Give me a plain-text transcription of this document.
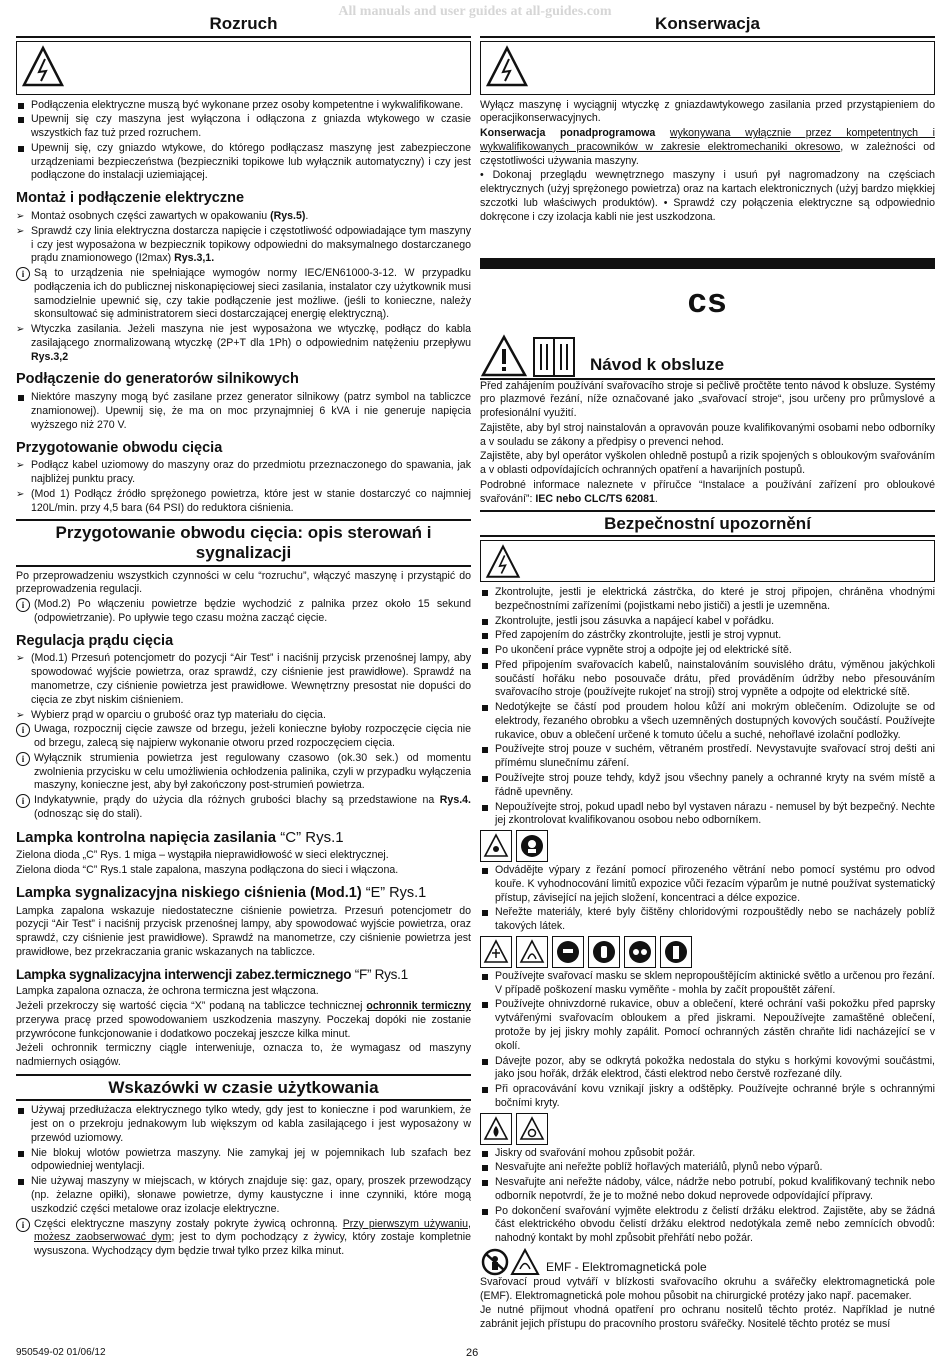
All manuals and user guides at all-guides.com
Rozruch
Podłączenia elektryczne muszą być wykonane przez osoby kompetentne i wykwalifikowane.
Upewnij się czy maszyna jest wyłączona i odłączona z gniazda wtykowego w czasie wszystkich faz tuż przed rozruchem.
Upewnij się, czy gniazdo wtykowe, do którego podłączasz maszynę jest zabezpieczone urządzeniami bezpieczeństwa (bezpieczniki topikowe lub wyłącznik automatyczny) i czy jest podłączone do instalacji uziemiającej.
Montaż i podłączenie elektryczne
➢ Montaż osobnych części zawartych w opakowaniu (Rys.5).
➢ Sprawdź czy linia elektryczna dostarcza napięcie i częstotliwość odpowiadające tym maszyny i czy jest wyposażona w bezpiecznik topikowy odpowiedni do maksymalnego dostarczanego prądu znamionowego (I2max) Rys.3,1.
i Są to urządzenia nie spełniające wymogów normy IEC/EN61000-3-12. W przypadku podłączenia ich do publicznej niskonapięciowej sieci zasilania, instalator czy użytkownik musi samodzielnie upewnić się, czy takie podłączenie jest możliwe. (jeśli to konieczne, należy skonsultować się administratorem sieci dostarczającej energię elektryczną).
➢ Wtyczka zasilania. Jeżeli maszyna nie jest wyposażona we wtyczkę, podłącz do kabla zasilającego znormalizowaną wtyczkę (2P+T dla 1Ph) o odpowiednim natężeniu przepływu Rys.3,2
Podłączenie do generatorów silnikowych
Niektóre maszyny mogą być zasilane przez generator silnikowy (patrz symbol na tabliczce znamionowej). Upewnij się, że ma on moc przynajmniej 6 kVA i nie generuje napięcia wyższego niż 270 V.
Przygotowanie obwodu cięcia
➢ Podłącz kabel uziomowy do maszyny oraz do przedmiotu przeznaczonego do spawania, jak najbliżej punktu pracy.
➢ (Mod 1) Podłącz źródło sprężonego powietrza, które jest w stanie dostarczyć co najmniej 120L/min. przy 4,5 bara (64 PSI) do reduktora ciśnienia.
Przygotowanie obwodu cięcia: opis sterowań i sygnalizacji

Po przeprowadzeniu wszystkich czynności w celu “rozruchu”, włączyć maszynę i przystąpić do przeprowadzenia regulacji.

i (Mod.2) Po włączeniu powietrze będzie wychodzić z palnika przez około 15 sekund (odpowietrzanie). Po upływie tego czasu można zacząć cięcie.
Regulacja prądu cięcia
➢ (Mod.1) Przesuń potencjometr do pozycji “Air Test” i naciśnij przycisk przenośnej lampy, aby spowodować wyjście powietrza, oraz sprawdź, czy ciśnienie jest prawidłowe). Sprawdź na manometrze, czy ciśnienie powietrza jest prawidłowe. Wewnętrzny presostat nie dopuści do cięcia ze zbyt niskim ciśnieniem.
➢ Wybierz prąd w oparciu o grubość oraz typ materiału do cięcia.
i Uwaga, rozpocznij cięcie zawsze od brzegu, jeżeli konieczne byłoby rozpoczęcie cięcia nie od brzegu, zalecą się najpierw wykonanie otworu przed rozpoczęciem cięcia.
i Wyłącznik strumienia powietrza jest regulowany czasowo (ok.30 sek.) od momentu zwolnienia przycisku w celu umożliwienia ochłodzenia palinika, czyli w przypadku wyłączenia maszyny, konieczne jest, aby był zakończony post-strumień powietrza.
i Indykatywnie, prądy do użycia dla różnych grubości blachy są przedstawione na Rys.4. (odnosząc się do stali).
Lampka kontrolna napięcia zasilania “C” Rys.1

Zielona dioda „C” Rys. 1 miga – wystąpiła nieprawidłowość w sieci elektrycznej.

Zielona dioda “C” Rys.1 stale zapalona, maszyna podłączona do sieci i włączona.

Lampka sygnalizacyjna niskiego ciśnienia (Mod.1) “E” Rys.1

Lampka zapalona wskazuje niedostateczne ciśnienie powietrza. Przesuń potencjometr do pozycji “Air Test” i naciśnij przycisk przenośnej lampy, aby spowodować wyjście powietrza, oraz sprawdź, czy ciśnienie jest prawidłowe). Sprawdź na manometrze, czy ciśnienie powietrza jest prawidłowe, bez przekraczania granic wskazanych na tabliczce.

Lampka sygnalizacyjna interwencji zabez.termicznego “F” Rys.1

Lampka zapalona oznacza, że ochrona termiczna jest włączona.

Jeżeli przekroczy się wartość cięcia “X” podaną na tabliczce technicznej ochronnik termiczny przerywa pracę przed spowodowaniem uszkodzenia maszyny. Poczekaj dopóki nie zostanie przywrócone funkcjonowanie i dodatkowo poczekaj jeszcze kilka minut.

Jeżeli ochronnik termiczny ciągle interweniuje, oznacza to, że wymagasz od maszyny nadmiernych osiągów.

Wskazówki w czasie użytkowania
Używaj przedłużacza elektrycznego tylko wtedy, gdy jest to konieczne i pod warunkiem, że jest on o przekroju jednakowym lub większym od kabla zasilającego i jest wyposażony w przewód uziomowy.
Nie blokuj wlotów powietrza maszyny. Nie zamykaj jej w pojemnikach lub szafach bez odpowiedniej wentylacji.
Nie używaj maszyny w miejscach, w których znajduje się: gaz, opary, proszek przewodzący (np. żelazne opiłki), słonawe powietrze, dymy kaustyczne i inne czynniki, które mogą uszkodzić części metalowe oraz izolacje elektryczne.
i Części elektryczne maszyny zostały pokryte żywicą ochronną. Przy pierwszym używaniu, możesz zaobserwować dym; jest to dym pochodzący z żywicy, który zostaje kompletnie wysuszona. Wychodzący dym będzie trwał tylko przez kilka minut.
Konserwacja

Wyłącz maszynę i wyciągnij wtyczkę z gniazdawtykowego zasilania przed przystąpieniem do operacjikonserwacyjnych.

Konserwacja ponadprogramowa wykonywana wyłącznie przez kompetentnych i wykwalifikowanych pracowników w zakresie elektromechaniki okresowo, w zależności od częstotliwości używania maszyny.

• Dokonaj przeglądu wewnętrznego maszyny i usuń pył nagromadzony na częściach elektrycznych (użyj sprężonego powietrza) oraz na kartach elektronicznych (użyj bardzo miękkiej szczotki lub właściwych produktów). • Sprawdź czy połączenia elektryczne są odpowiednio dokręcone i czy izolacja kabli nie jest uszkodzona.

cs
Návod k obsluze

Před zahájením používání svařovacího stroje si pečlivě pročtěte tento návod k obsluze. Systémy pro plazmové řezání, níže označované jako „svařovací stroje“, jsou určeny pro průmyslové a profesionální využití.

Zajistěte, aby byl stroj nainstalován a opravován pouze kvalifikovanými osobami nebo odborníky a v souladu se zákony a předpisy o prevenci nehod.

Zajistěte, aby byl operátor vyškolen ohledně postupů a rizik spojených s obloukovým svařováním a v oblasti odpovídajících ochranných opatření a havarijních postupů.

Podrobné informace naleznete v příručce “Instalace a používání zařízení pro obloukové svařování”: IEC nebo CLC/TS 62081.

Bezpečnostní upozornění
Zkontrolujte, jestli je elektrická zástrčka, do které je stroj připojen, chráněna vhodnými bezpečnostními zařízeními (pojistkami nebo jističi) a jestli je uzemněna.
Zkontrolujte, jestli jsou zásuvka a napájecí kabel v pořádku.
Před zapojením do zástrčky zkontrolujte, jestli je stroj vypnut.
Po ukončení práce vypněte stroj a odpojte jej od elektrické sítě.
Před připojením svařovacích kabelů, nainstalováním souvislého drátu, výměnou jakýchkoli součástí hořáku nebo posouvače drátu, před prováděním údržby nebo přesouváním svařovacího stroje (používejte rukojeť na stroji) stroj vypněte a odpojte od elektrické sítě.
Nedotýkejte se částí pod proudem holou kůží ani mokrým oblečením. Odizolujte se od elektrody, řezaného obrobku a všech uzemněných dostupných kovových součástí. Používejte rukavice, obuv a oblečení určené k tomuto účelu a suché, nehořlavé izolační podložky.
Používejte stroj pouze v suchém, větraném prostředí. Nevystavujte svařovací stroj dešti ani přímému slunečnímu záření.
Používejte stroj pouze tehdy, když jsou všechny panely a ochranné kryty na svém místě a řádně upevněny.
Nepoužívejte stroj, pokud upadl nebo byl vystaven nárazu - nemusel by být bezpečný. Nechte jej zkontrolovat kvalifikovanou osobou nebo odborníkem.
Odvádějte výpary z řezání pomocí přirozeného větrání nebo pomocí systému pro odvod kouře. K vyhodnocování limitů expozice vůči řezacím výparům je nutné používat systematický přístup, závisející na jejich složení, koncentraci a délce expozice.
Neřežte materiály, které byly čištěny chloridovými rozpouštědly nebo se nacházely poblíž takových látek.
Používejte svařovací masku se sklem nepropouštějícím aktinické světlo a určenou pro řezání. V případě poškození masku vyměňte - mohla by začít propouštět záření.
Používejte ohnivzdorné rukavice, obuv a oblečení, které ochrání vaši pokožku před paprsky vytvářenými svařovacím obloukem a před jiskrami. Nepoužívejte zamaštěné oblečení, protože by jej jiskry mohly zapálit. Pomocí ochranných zástěn chraňte lidi nacházející se v okolí.
Dávejte pozor, aby se odkrytá pokožka nedostala do styku s horkými kovovými součástmi, jako jsou hořák, držák elektrod, části elektrod nebo čerstvě rozřezané díly.
Při opracovávání kovu vznikají jiskry a odštěpky. Používejte ochranné brýle s ochrannými bočními kryty.
Jiskry od svařování mohou způsobit požár.
Nesvařujte ani neřežte poblíž hořlavých materiálů, plynů nebo výparů.
Nesvařujte ani neřežte nádoby, válce, nádrže nebo potrubí, pokud kvalifikovaný technik nebo odborník nepotvrdí, že je to možné nebo dokud neprovede odpovídající přípravy.
Po dokončení svařování vyjměte elektrodu z čelistí držáku elektrod. Zajistěte, aby se žádná část elektrického obvodu čelistí držáku elektrod nedotýkala země nebo zemnících obvodů: nahodný kontakt by mohl způsobit přehřátí nebo požár.
EMF - Elektromagnetická pole

Svařovací proud vytváří v blízkosti svařovacího okruhu a svářečky elektromagnetická pole (EMF). Elektromagnetická pole mohou působit na chirurgické protézy jako např. pacemaker.

Je nutné přijmout vhodná opatření pro ochranu nositelů těchto protéz. Například je nutné zabránit jejich přístupu do pracovního prostoru svářečky. Nositelé těchto protéz se musí

950549-02 01/06/12	26
